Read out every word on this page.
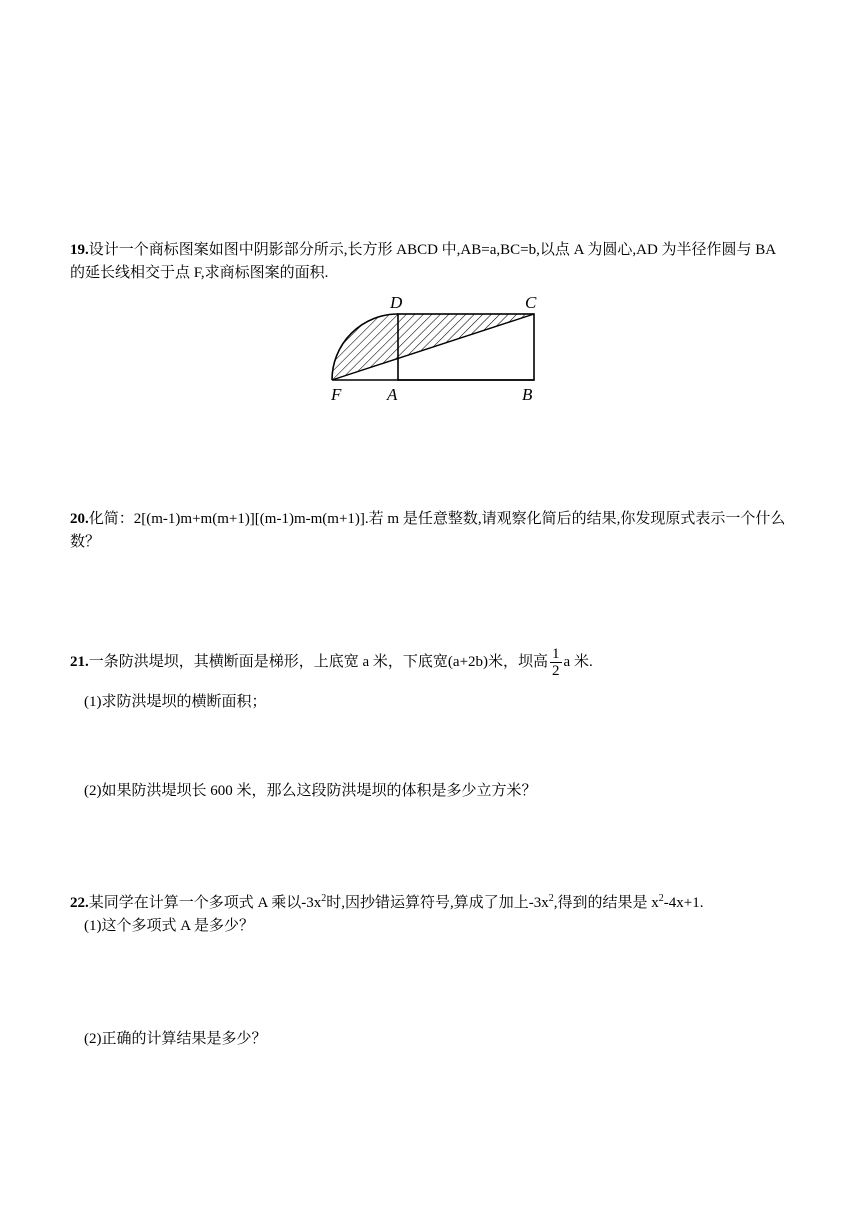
19.设计一个商标图案如图中阴影部分所示,长方形 ABCD 中,AB=a,BC=b,以点 A 为圆心,AD 为半径作圆与 BA
的延长线相交于点 F,求商标图案的面积.
D	C
F	A	B
20.化简：2[(m-1)m+m(m+1)][(m-1)m-m(m+1)].若 m 是任意整数,请观察化简后的结果,你发现原式表示一个什么
数？
21.一条防洪堤坝，其横断面是梯形，上底宽 a 米，下底宽(a+2b)米，坝高 $\frac{1}{2}$ a 米.
(1)求防洪堤坝的横断面积；
(2)如果防洪堤坝长 600 米，那么这段防洪堤坝的体积是多少立方米？
22.某同学在计算一个多项式 A 乘以$-3x^2$时,因抄错运算符号,算成了加上$-3x^2$,得到的结果是 $x^2-4x+1$.
(1)这个多项式 A 是多少？
(2)正确的计算结果是多少？
